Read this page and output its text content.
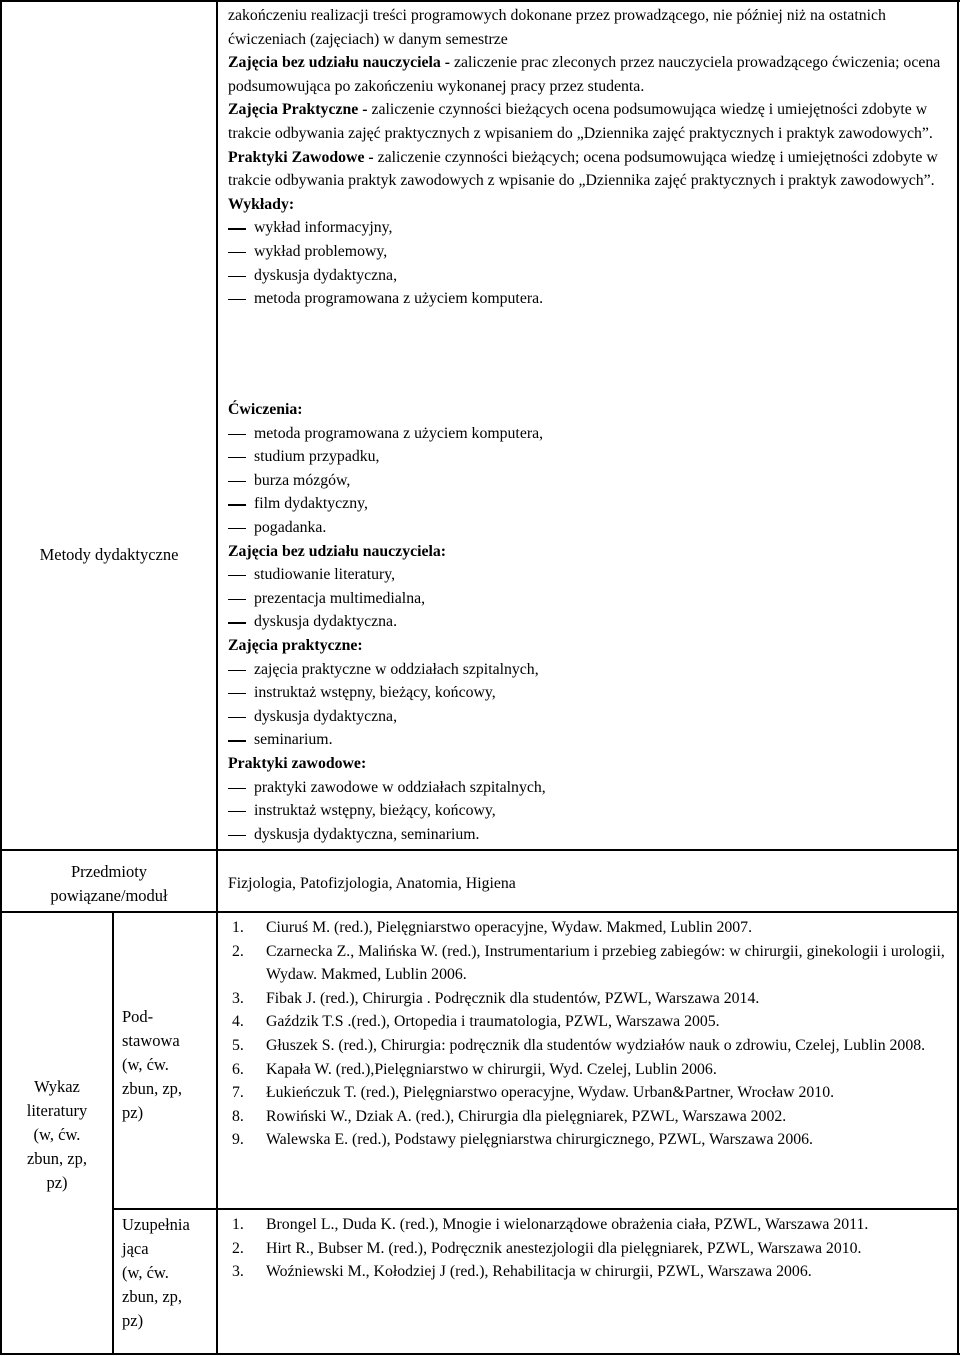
Metody dydaktyczne
Przedmioty
powiązane/moduł
Wykaz
literatury
(w, ćw.
zbun, zp,
pz)
Pod-
stawowa
(w, ćw.
zbun, zp,
pz)
Uzupełnia
jąca
(w, ćw.
zbun, zp,
pz)

zakończeniu realizacji treści programowych dokonane przez prowadzącego, nie później niż na ostatnich ćwiczeniach (zajęciach) w danym semestrze

Zajęcia bez udziału nauczyciela - zaliczenie prac zleconych przez nauczyciela prowadzącego ćwiczenia; ocena podsumowująca po zakończeniu wykonanej pracy przez studenta.

Zajęcia Praktyczne - zaliczenie czynności bieżących ocena podsumowująca wiedzę i umiejętności zdobyte w trakcie odbywania zajęć praktycznych z wpisaniem do „Dziennika zajęć praktycznych i praktyk zawodowych”.

Praktyki Zawodowe - zaliczenie czynności bieżących; ocena podsumowująca wiedzę i umiejętności zdobyte w trakcie odbywania praktyk zawodowych z wpisanie do „Dziennika zajęć praktycznych i praktyk zawodowych”.

Wykłady:

wykład informacyjny,
wykład problemowy,
dyskusja dydaktyczna,
metoda programowana z użyciem komputera.

Ćwiczenia:

metoda programowana z użyciem komputera,
studium przypadku,
burza mózgów,
film dydaktyczny,
pogadanka.

Zajęcia bez udziału nauczyciela:

studiowanie literatury,
prezentacja multimedialna,
dyskusja dydaktyczna.

Zajęcia praktyczne:

zajęcia praktyczne w oddziałach szpitalnych,
instruktaż wstępny, bieżący, końcowy,
dyskusja dydaktyczna,
seminarium.

Praktyki zawodowe:

praktyki zawodowe w oddziałach szpitalnych,
instruktaż wstępny, bieżący, końcowy,
dyskusja dydaktyczna, seminarium.

Fizjologia, Patofizjologia, Anatomia, Higiena

1. Ciuruś M. (red.), Pielęgniarstwo operacyjne, Wydaw. Makmed, Lublin 2007.
2. Czarnecka Z., Malińska W. (red.), Instrumentarium i przebieg zabiegów: w chirurgii, ginekologii i urologii, Wydaw. Makmed, Lublin 2006.
3. Fibak J. (red.), Chirurgia . Podręcznik dla studentów, PZWL, Warszawa 2014.
4. Gaździk T.S .(red.), Ortopedia i traumatologia, PZWL, Warszawa 2005.
5. Głuszek S. (red.), Chirurgia: podręcznik dla studentów wydziałów nauk o zdrowiu, Czelej, Lublin 2008.
6. Kapała W. (red.),Pielęgniarstwo w chirurgii, Wyd. Czelej, Lublin 2006.
7. Łukieńczuk T. (red.), Pielęgniarstwo operacyjne, Wydaw. Urban&Partner, Wrocław 2010.
8. Rowiński W., Dziak A. (red.), Chirurgia dla pielęgniarek, PZWL, Warszawa 2002.
9. Walewska E. (red.), Podstawy pielęgniarstwa chirurgicznego, PZWL, Warszawa 2006.
1. Brongel L., Duda K. (red.), Mnogie i wielonarządowe obrażenia ciała, PZWL, Warszawa 2011.
2. Hirt R., Bubser M. (red.), Podręcznik anestezjologii dla pielęgniarek, PZWL, Warszawa 2010.
3. Woźniewski M., Kołodziej J (red.), Rehabilitacja w chirurgii, PZWL, Warszawa 2006.
